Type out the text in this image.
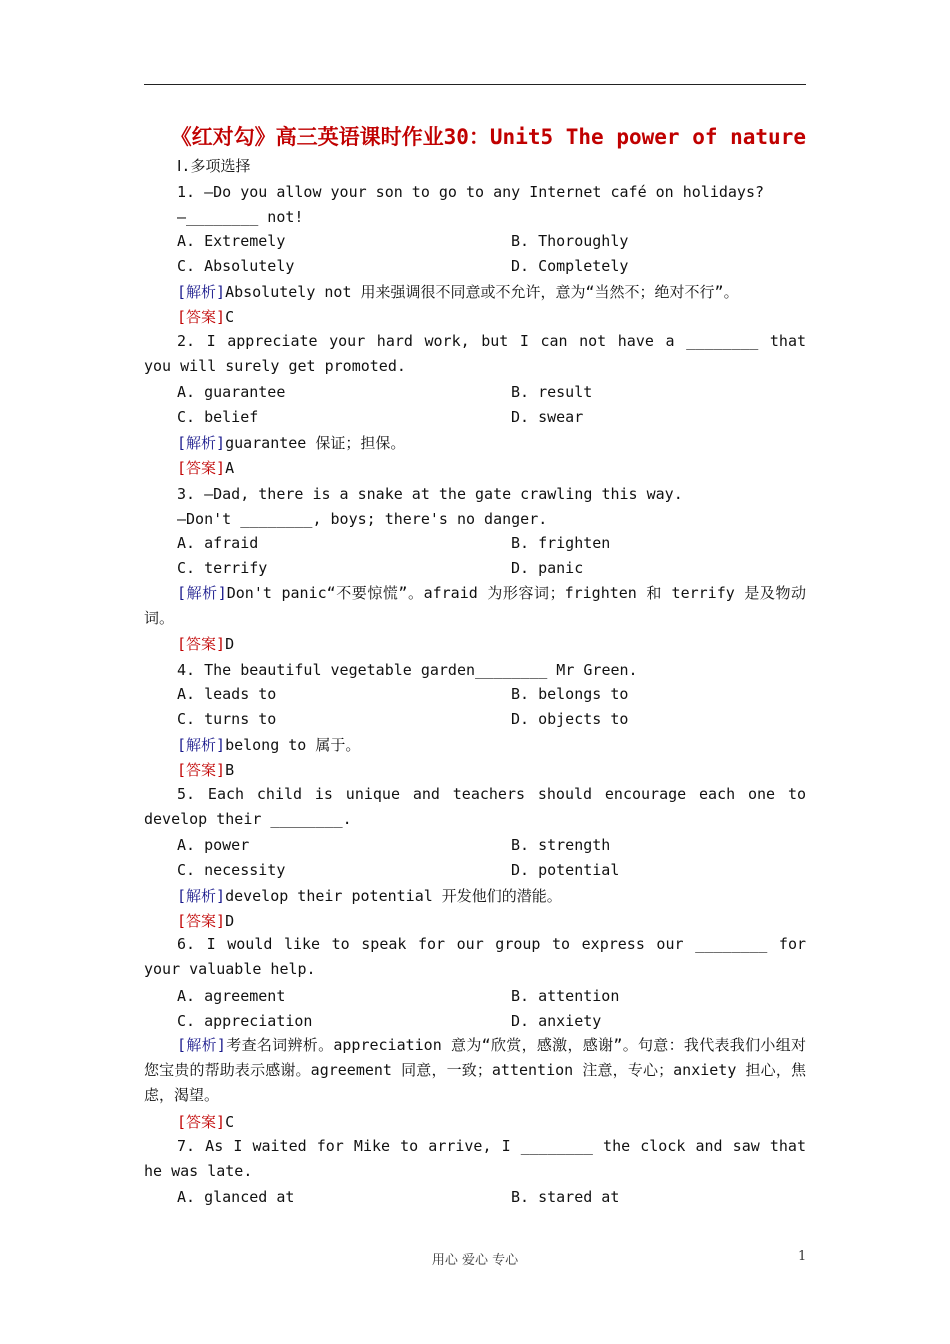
《红对勾》高三英语课时作业30：Unit5 The power of nature
Ⅰ.多项选择
1. —Do you allow your son to go to any Internet café on holidays?
—________ not!
A. Extremely	B. Thoroughly
C. Absolutely	D. Completely
[解析]Absolutely not 用来强调很不同意或不允许，意为“当然不；绝对不行”。
[答案]C

2. I appreciate your hard work, but I can not have a ________ that you will surely get promoted.

A. guarantee	B. result
C. belief	D. swear
[解析]guarantee 保证；担保。
[答案]A
3. —Dad, there is a snake at the gate crawling this way.
—Don't ________, boys; there's no danger.
A. afraid	B. frighten
C. terrify	D. panic

[解析]Don't panic“不要惊慌”。afraid 为形容词；frighten 和 terrify 是及物动词。

[答案]D
4. The beautiful vegetable garden________ Mr Green.
A. leads to	B. belongs to
C. turns to	D. objects to
[解析]belong to 属于。
[答案]B

5. Each child is unique and teachers should encourage each one to develop their ________.

A. power	B. strength
C. necessity	D. potential
[解析]develop their potential 开发他们的潜能。
[答案]D

6. I would like to speak for our group to express our ________ for your valuable help.

A. agreement	B. attention
C. appreciation	D. anxiety

[解析]考查名词辨析。appreciation 意为“欣赏，感激，感谢”。句意：我代表我们小组对您宝贵的帮助表示感谢。agreement 同意，一致；attention 注意，专心；anxiety 担心，焦虑，渴望。

[答案]C

7. As I waited for Mike to arrive, I ________ the clock and saw that he was late.

A. glanced at	B. stared at
用心 爱心 专心	1
